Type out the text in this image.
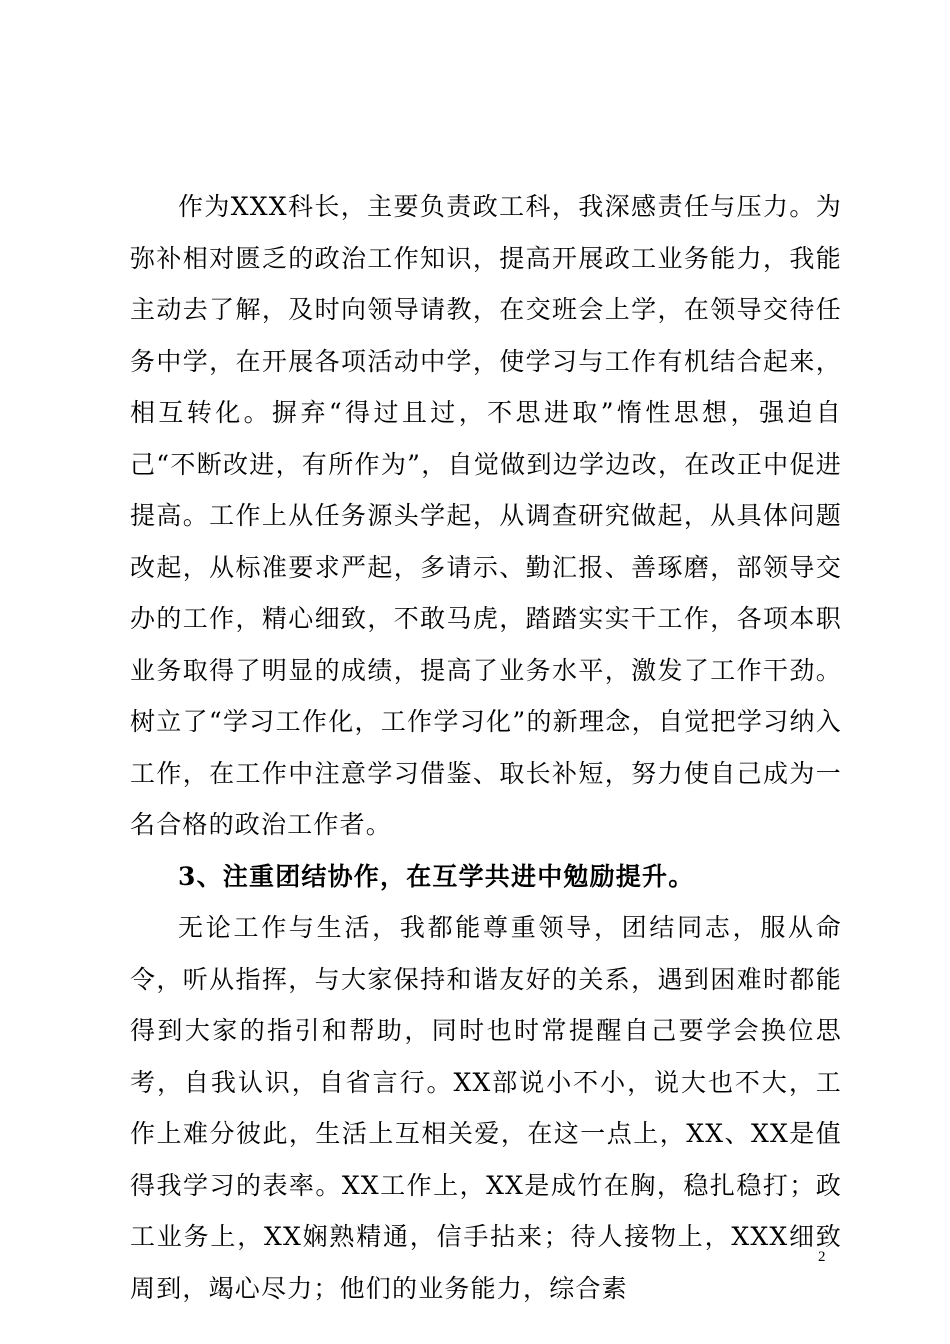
作为XXX科长，主要负责政工科，我深感责任与压力。为弥补相对匮乏的政治工作知识，提高开展政工业务能力，我能主动去了解，及时向领导请教，在交班会上学，在领导交待任务中学，在开展各项活动中学，使学习与工作有机结合起来，相互转化。摒弃“得过且过，不思进取”惰性思想，强迫自己“不断改进，有所作为”，自觉做到边学边改，在改正中促进提高。工作上从任务源头学起，从调查研究做起，从具体问题改起，从标准要求严起，多请示、勤汇报、善琢磨，部领导交办的工作，精心细致，不敢马虎，踏踏实实干工作，各项本职业务取得了明显的成绩，提高了业务水平，激发了工作干劲。树立了“学习工作化，工作学习化”的新理念，自觉把学习纳入工作，在工作中注意学习借鉴、取长补短，努力使自己成为一名合格的政治工作者。

3、注重团结协作，在互学共进中勉励提升。

无论工作与生活，我都能尊重领导，团结同志，服从命令，听从指挥，与大家保持和谐友好的关系，遇到困难时都能得到大家的指引和帮助，同时也时常提醒自己要学会换位思考，自我认识，自省言行。XX部说小不小，说大也不大，工作上难分彼此，生活上互相关爱，在这一点上，XX、XX是值得我学习的表率。XX工作上，XX是成竹在胸，稳扎稳打；政工业务上，XX娴熟精通，信手拈来；待人接物上，XXX细致周到，竭心尽力；他们的业务能力，综合素

2
